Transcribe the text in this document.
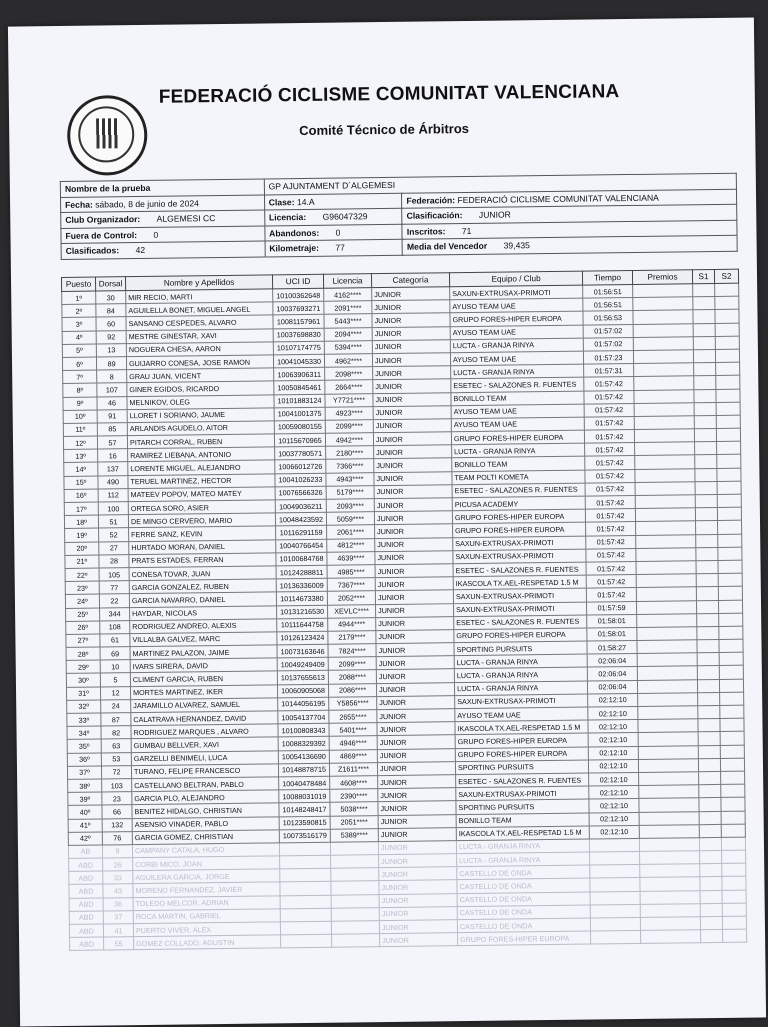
FEDERACIÓ CICLISME COMUNITAT VALENCIANA
Comité Técnico de Árbitros
Nombre de la prueba	GP AJUNTAMENT D´ALGEMESI	
Fecha: sábado, 8 de junio de 2024	Clase: 14.A	Federación: FEDERACIÓ CICLISME COMUNITAT VALENCIANA
Club Organizador: ALGEMESI CC	Licencia: G96047329	Clasificación: JUNIOR
Fuera de Control: 0	Abandonos: 0	Inscritos: 71
Clasificados: 42	Kilometraje: 77	Media del Vencedor 39,435
Puesto	Dorsal	Nombre y Apellidos	UCI ID	Licencia	Categoría	Equipo / Club	Tiempo	Premios	S1	S2
1º	30	MIR RECIO, MARTI	10100362648	4162****	JUNIOR	SAXUN-EXTRUSAX-PRIMOTI	01:56:51			
2º	84	AGUILELLA BONET, MIGUEL ANGEL	10037693271	2091****	JUNIOR	AYUSO TEAM UAE	01:56:51			
3º	60	SANSANO CESPEDES, ALVARO	10081157961	5443****	JUNIOR	GRUPO FORES-HIPER EUROPA	01:56:53			
4º	92	MESTRE GINESTAR, XAVI	10037698830	2094****	JUNIOR	AYUSO TEAM UAE	01:57:02			
5º	13	NOGUERA CHESA, AARON	10107174775	5394****	JUNIOR	LUCTA - GRANJA RINYA	01:57:02			
6º	89	GUIJARRO CONESA, JOSE RAMON	10041045330	4962****	JUNIOR	AYUSO TEAM UAE	01:57:23			
7º	8	GRAU JUAN, VICENT	10063906311	2098****	JUNIOR	LUCTA - GRANJA RINYA	01:57:31			
8º	107	GINER EGIDOS, RICARDO	10050845461	2664****	JUNIOR	ESETEC - SALAZONES R. FUENTES	01:57:42			
9º	46	MELNIKOV, OLEG	10101883124	Y7721****	JUNIOR	BONILLO TEAM	01:57:42			
10º	91	LLORET I SORIANO, JAUME	10041001375	4923****	JUNIOR	AYUSO TEAM UAE	01:57:42			
11º	85	ARLANDIS AGUDELO, AITOR	10059080155	2099****	JUNIOR	AYUSO TEAM UAE	01:57:42			
12º	57	PITARCH CORRAL, RUBEN	10115670965	4942****	JUNIOR	GRUPO FORES-HIPER EUROPA	01:57:42			
13º	16	RAMIREZ LIEBANA, ANTONIO	10037780571	2180****	JUNIOR	LUCTA - GRANJA RINYA	01:57:42			
14º	137	LORENTE MIGUEL, ALEJANDRO	10066012726	7366****	JUNIOR	BONILLO TEAM	01:57:42			
15º	490	TERUEL MARTINEZ, HECTOR	10041026233	4943****	JUNIOR	TEAM POLTI KOMETA	01:57:42			
16º	112	MATEEV POPOV, MATEO MATEY	10076566326	5179****	JUNIOR	ESETEC - SALAZONES R. FUENTES	01:57:42			
17º	100	ORTEGA SORO, ASIER	10049036211	2093****	JUNIOR	PICUSA ACADEMY	01:57:42			
18º	51	DE MINGO CERVERO, MARIO	10048423592	5059****	JUNIOR	GRUPO FORES-HIPER EUROPA	01:57:42			
19º	52	FERRE SANZ, KEVIN	10116291159	2061****	JUNIOR	GRUPO FORES-HIPER EUROPA	01:57:42			
20º	27	HURTADO MORAN, DANIEL	10040766454	4812****	JUNIOR	SAXUN-EXTRUSAX-PRIMOTI	01:57:42			
21º	28	PRATS ESTADES, FERRAN	10100684768	4639****	JUNIOR	SAXUN-EXTRUSAX-PRIMOTI	01:57:42			
22º	105	CONESA TOVAR, JUAN	10124288811	4985****	JUNIOR	ESETEC - SALAZONES R. FUENTES	01:57:42			
23º	77	GARCIA GONZALEZ, RUBEN	10136336009	7367****	JUNIOR	IKASCOLA TX.AEL-RESPETAD 1.5 M	01:57:42			
24º	22	GARCIA NAVARRO, DANIEL	10114673380	2052****	JUNIOR	SAXUN-EXTRUSAX-PRIMOTI	01:57:42			
25º	344	HAYDAR, NICOLAS	10131216530	XEVLC****	JUNIOR	SAXUN-EXTRUSAX-PRIMOTI	01:57:59			
26º	108	RODRIGUEZ ANDREO, ALEXIS	10111644758	4944****	JUNIOR	ESETEC - SALAZONES R. FUENTES	01:58:01			
27º	61	VILLALBA GALVEZ, MARC	10126123424	2179****	JUNIOR	GRUPO FORES-HIPER EUROPA	01:58:01			
28º	69	MARTINEZ PALAZON, JAIME	10073163646	7824****	JUNIOR	SPORTING PURSUITS	01:58:27			
29º	10	IVARS SIRERA, DAVID	10049249409	2099****	JUNIOR	LUCTA - GRANJA RINYA	02:06:04			
30º	5	CLIMENT GARCIA, RUBEN	10137655613	2088****	JUNIOR	LUCTA - GRANJA RINYA	02:06:04			
31º	12	MORTES MARTINEZ, IKER	10060905068	2086****	JUNIOR	LUCTA - GRANJA RINYA	02:06:04			
32º	24	JARAMILLO ALVAREZ, SAMUEL	10144056195	Y5856****	JUNIOR	SAXUN-EXTRUSAX-PRIMOTI	02:12:10			
33º	87	CALATRAVA HERNANDEZ, DAVID	10054137704	2655****	JUNIOR	AYUSO TEAM UAE	02:12:10			
34º	82	RODRIGUEZ MARQUES , ALVARO	10100808343	5401****	JUNIOR	IKASCOLA TX.AEL-RESPETAD 1.5 M	02:12:10			
35º	63	GUMBAU BELLVER, XAVI	10088329392	4946****	JUNIOR	GRUPO FORES-HIPER EUROPA	02:12:10			
36º	53	GARZELLI BENIMELI, LUCA	10054136690	4869****	JUNIOR	GRUPO FORES-HIPER EUROPA	02:12:10			
37º	72	TURANO, FELIPE FRANCESCO	10148878715	Z1611****	JUNIOR	SPORTING PURSUITS	02:12:10			
38º	103	CASTELLANO BELTRAN, PABLO	10040478484	4608****	JUNIOR	ESETEC - SALAZONES R. FUENTES	02:12:10			
39º	23	GARCIA PLO, ALEJANDRO	10088031019	2390****	JUNIOR	SAXUN-EXTRUSAX-PRIMOTI	02:12:10			
40º	66	BENITEZ HIDALGO, CHRISTIAN	10148248417	5038****	JUNIOR	SPORTING PURSUITS	02:12:10			
41º	132	ASENSIO VINADER, PABLO	10123590815	2051****	JUNIOR	BONILLO TEAM	02:12:10			
42º	76	GARCIA GOMEZ, CHRISTIAN	10073516179	5389****	JUNIOR	IKASCOLA TX.AEL-RESPETAD 1.5 M	02:12:10			
AB	9	CAMPANY CATALA, HUGO			JUNIOR	LUCTA - GRANJA RINYA				
ABD	26	CORBI MICO, JOAN			JUNIOR	LUCTA - GRANJA RINYA				
ABD	33	AGUILERA GARCIA, JORGE			JUNIOR	CASTELLO DE ONDA				
ABD	43	MORENO FERNANDEZ, JAVIER			JUNIOR	CASTELLO DE ONDA				
ABD	36	TOLEDO MELCOR, ADRIAN			JUNIOR	CASTELLO DE ONDA				
ABD	37	ROCA MARTIN, GABRIEL			JUNIOR	CASTELLO DE ONDA				
ABD	41	PUERTO VIVER, ALEX			JUNIOR	CASTELLO DE ONDA				
ABD	55	GOMEZ COLLADO, AGUSTIN			JUNIOR	GRUPO FORES-HIPER EUROPA				
